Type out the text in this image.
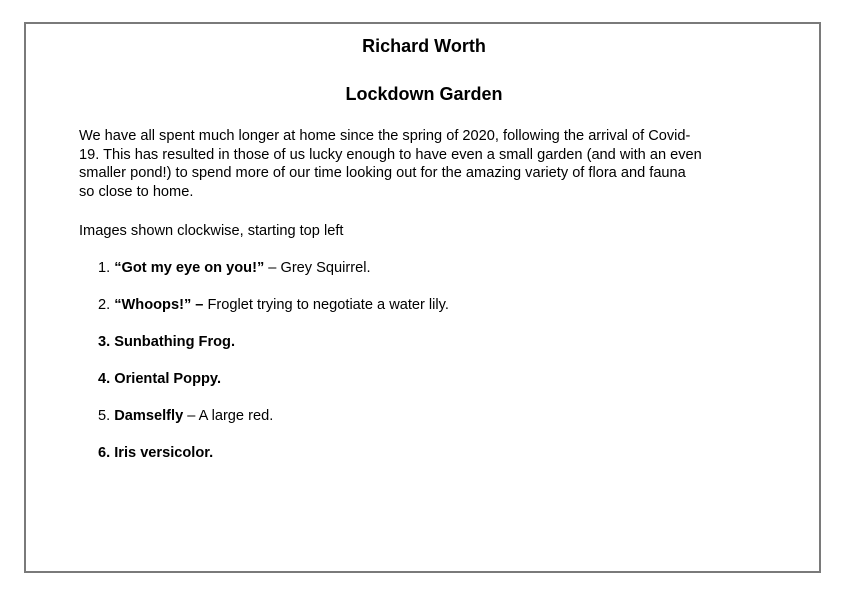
Richard Worth
Lockdown Garden

We have all spent much longer at home since the spring of 2020, following the arrival of Covid-
19. This has resulted in those of us lucky enough to have even a small garden (and with an even
smaller pond!) to spend more of our time looking out for the amazing variety of flora and fauna
so close to home.

Images shown clockwise, starting top left

1. “Got my eye on you!” – Grey Squirrel.

2. “Whoops!” – Froglet trying to negotiate a water lily.

3. Sunbathing Frog.

4. Oriental Poppy.

5. Damselfly – A large red.

6. Iris versicolor.
